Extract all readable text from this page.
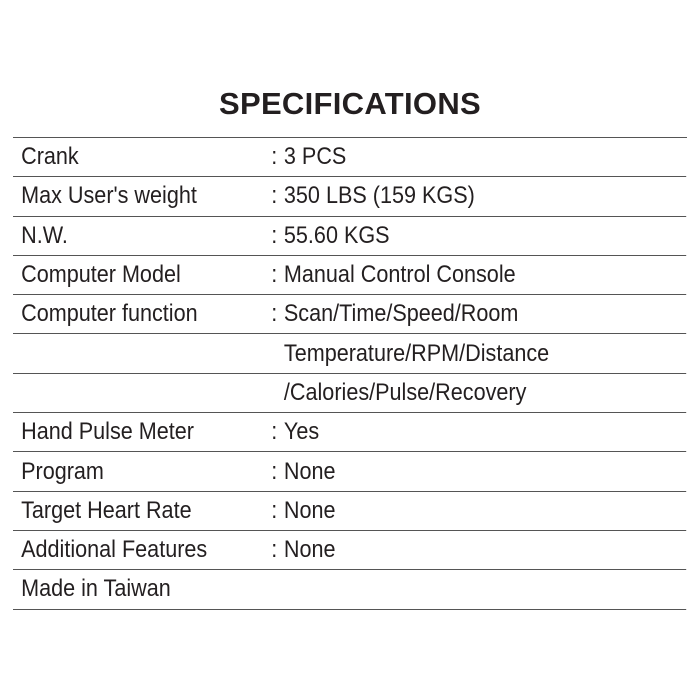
SPECIFICATIONS
Crank	: 3 PCS
Max User's weight	: 350 LBS (159 KGS)
N.W.	: 55.60 KGS
Computer Model	: Manual Control Console
Computer function	: Scan/Time/Speed/Room
Temperature/RPM/Distance
/Calories/Pulse/Recovery
Hand Pulse Meter	: Yes
Program	: None
Target Heart Rate	: None
Additional Features	: None
Made in Taiwan
